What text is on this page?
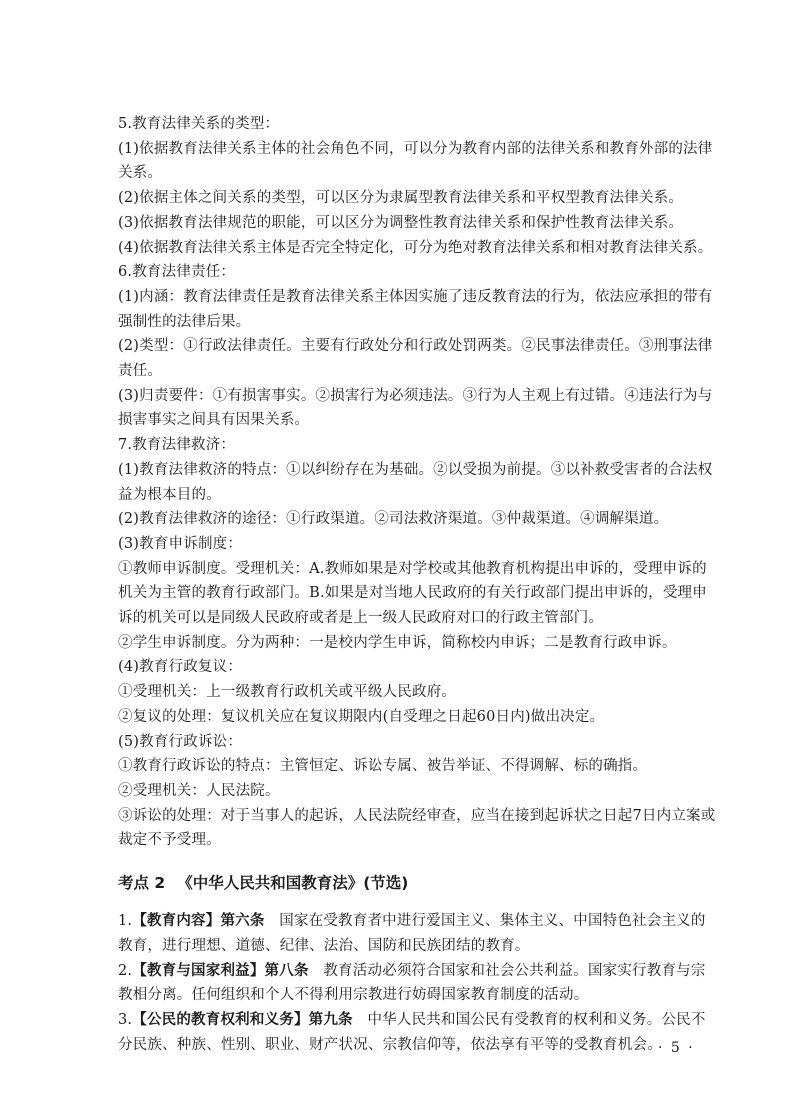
5.教育法律关系的类型：

(1)依据教育法律关系主体的社会角色不同，可以分为教育内部的法律关系和教育外部的法律关系。

(2)依据主体之间关系的类型，可以区分为隶属型教育法律关系和平权型教育法律关系。

(3)依据教育法律规范的职能，可以区分为调整性教育法律关系和保护性教育法律关系。

(4)依据教育法律关系主体是否完全特定化，可分为绝对教育法律关系和相对教育法律关系。

6.教育法律责任：

(1)内涵：教育法律责任是教育法律关系主体因实施了违反教育法的行为，依法应承担的带有强制性的法律后果。

(2)类型：①行政法律责任。主要有行政处分和行政处罚两类。②民事法律责任。③刑事法律责任。

(3)归责要件：①有损害事实。②损害行为必须违法。③行为人主观上有过错。④违法行为与损害事实之间具有因果关系。

7.教育法律救济：

(1)教育法律救济的特点：①以纠纷存在为基础。②以受损为前提。③以补救受害者的合法权益为根本目的。

(2)教育法律救济的途径：①行政渠道。②司法救济渠道。③仲裁渠道。④调解渠道。

(3)教育申诉制度：

①教师申诉制度。受理机关：A.教师如果是对学校或其他教育机构提出申诉的，受理申诉的机关为主管的教育行政部门。B.如果是对当地人民政府的有关行政部门提出申诉的，受理申诉的机关可以是同级人民政府或者是上一级人民政府对口的行政主管部门。

②学生申诉制度。分为两种：一是校内学生申诉，简称校内申诉；二是教育行政申诉。

(4)教育行政复议：

①受理机关：上一级教育行政机关或平级人民政府。

②复议的处理：复议机关应在复议期限内(自受理之日起60日内)做出决定。

(5)教育行政诉讼：

①教育行政诉讼的特点：主管恒定、诉讼专属、被告举证、不得调解、标的确指。

②受理机关：人民法院。

③诉讼的处理：对于当事人的起诉，人民法院经审查，应当在接到起诉状之日起7日内立案或裁定不予受理。

考点 2 《中华人民共和国教育法》(节选)

1.【教育内容】第六条　国家在受教育者中进行爱国主义、集体主义、中国特色社会主义的教育，进行理想、道德、纪律、法治、国防和民族团结的教育。

2.【教育与国家利益】第八条　教育活动必须符合国家和社会公共利益。国家实行教育与宗教相分离。任何组织和个人不得利用宗教进行妨碍国家教育制度的活动。

3.【公民的教育权利和义务】第九条　中华人民共和国公民有受教育的权利和义务。公民不分民族、种族、性别、职业、财产状况、宗教信仰等，依法享有平等的受教育机会。

· 5 ·
